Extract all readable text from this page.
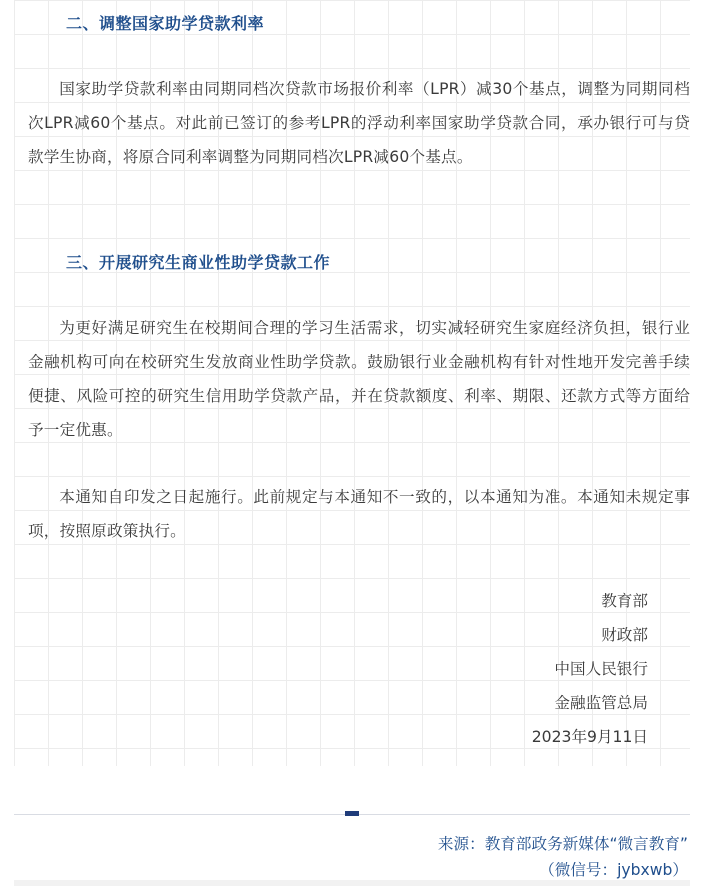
二、调整国家助学贷款利率

国家助学贷款利率由同期同档次贷款市场报价利率（LPR）减30个基点，调整为同期同档次LPR减60个基点。对此前已签订的参考LPR的浮动利率国家助学贷款合同，承办银行可与贷款学生协商，将原合同利率调整为同期同档次LPR减60个基点。

三、开展研究生商业性助学贷款工作

为更好满足研究生在校期间合理的学习生活需求，切实减轻研究生家庭经济负担，银行业金融机构可向在校研究生发放商业性助学贷款。鼓励银行业金融机构有针对性地开发完善手续便捷、风险可控的研究生信用助学贷款产品，并在贷款额度、利率、期限、还款方式等方面给予一定优惠。

本通知自印发之日起施行。此前规定与本通知不一致的，以本通知为准。本通知未规定事项，按照原政策执行。

教育部
财政部
中国人民银行
金融监管总局
2023年9月11日
来源：教育部政务新媒体“微言教育”
（微信号：jybxwb）
